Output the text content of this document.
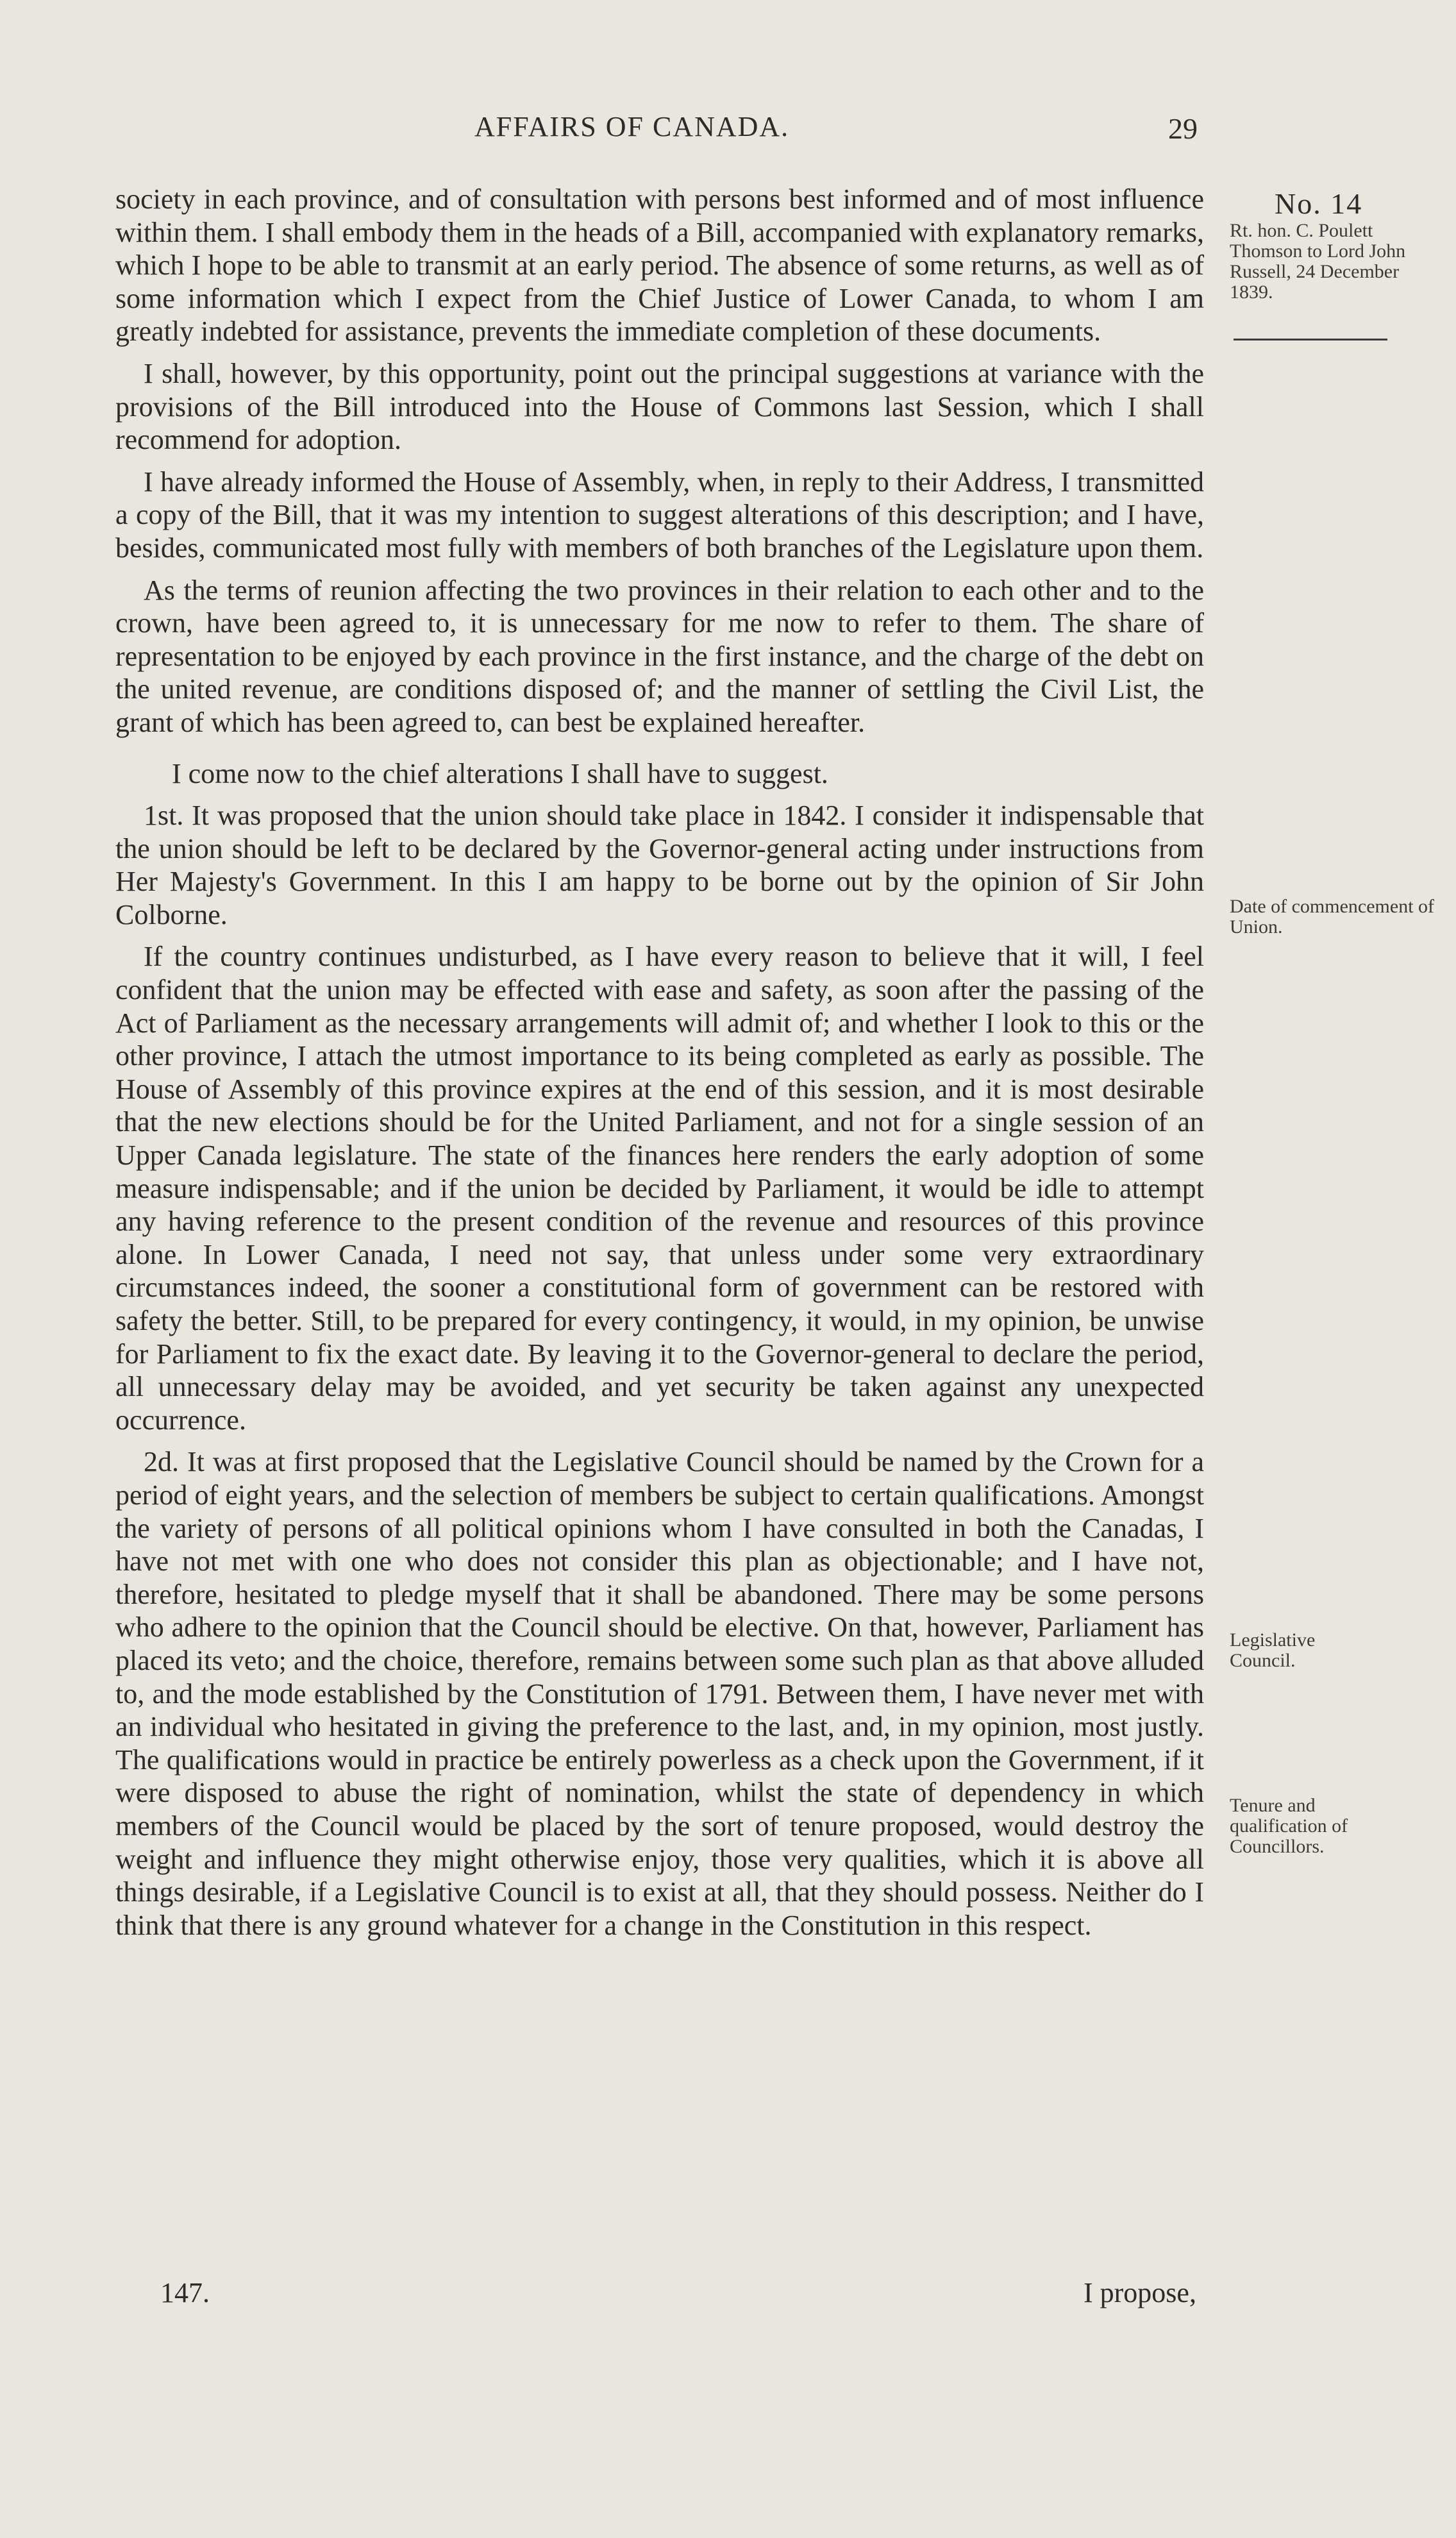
AFFAIRS OF CANADA.	29
No. 14
Rt. hon. C. Poulett Thomson to Lord John Russell, 24 December 1839.
Date of commencement of Union.
Legislative Council.
Tenure and qualification of Councillors.

society in each province, and of consultation with persons best informed and of most influence within them. I shall embody them in the heads of a Bill, accompanied with explanatory remarks, which I hope to be able to transmit at an early period. The absence of some returns, as well as of some information which I expect from the Chief Justice of Lower Canada, to whom I am greatly indebted for assistance, prevents the immediate completion of these documents.

I shall, however, by this opportunity, point out the principal suggestions at variance with the provisions of the Bill introduced into the House of Commons last Session, which I shall recommend for adoption.

I have already informed the House of Assembly, when, in reply to their Address, I transmitted a copy of the Bill, that it was my intention to suggest alterations of this description; and I have, besides, communicated most fully with members of both branches of the Legislature upon them.

As the terms of reunion affecting the two provinces in their relation to each other and to the crown, have been agreed to, it is unnecessary for me now to refer to them. The share of representation to be enjoyed by each province in the first instance, and the charge of the debt on the united revenue, are conditions disposed of; and the manner of settling the Civil List, the grant of which has been agreed to, can best be explained hereafter.

I come now to the chief alterations I shall have to suggest.

1st. It was proposed that the union should take place in 1842. I consider it indispensable that the union should be left to be declared by the Governor-general acting under instructions from Her Majesty's Government. In this I am happy to be borne out by the opinion of Sir John Colborne.

If the country continues undisturbed, as I have every reason to believe that it will, I feel confident that the union may be effected with ease and safety, as soon after the passing of the Act of Parliament as the necessary arrangements will admit of; and whether I look to this or the other province, I attach the utmost importance to its being completed as early as possible. The House of Assembly of this province expires at the end of this session, and it is most desirable that the new elections should be for the United Parliament, and not for a single session of an Upper Canada legislature. The state of the finances here renders the early adoption of some measure indispensable; and if the union be decided by Parliament, it would be idle to attempt any having reference to the present condition of the revenue and resources of this province alone. In Lower Canada, I need not say, that unless under some very extraordinary circumstances indeed, the sooner a constitutional form of government can be restored with safety the better. Still, to be prepared for every contingency, it would, in my opinion, be unwise for Parliament to fix the exact date. By leaving it to the Governor-general to declare the period, all unnecessary delay may be avoided, and yet security be taken against any unexpected occurrence.

2d. It was at first proposed that the Legislative Council should be named by the Crown for a period of eight years, and the selection of members be subject to certain qualifications. Amongst the variety of persons of all political opinions whom I have consulted in both the Canadas, I have not met with one who does not consider this plan as objectionable; and I have not, therefore, hesitated to pledge myself that it shall be abandoned. There may be some persons who adhere to the opinion that the Council should be elective. On that, however, Parliament has placed its veto; and the choice, therefore, remains between some such plan as that above alluded to, and the mode established by the Constitution of 1791. Between them, I have never met with an individual who hesitated in giving the preference to the last, and, in my opinion, most justly. The qualifications would in practice be entirely powerless as a check upon the Government, if it were disposed to abuse the right of nomination, whilst the state of dependency in which members of the Council would be placed by the sort of tenure proposed, would destroy the weight and influence they might otherwise enjoy, those very qualities, which it is above all things desirable, if a Legislative Council is to exist at all, that they should possess. Neither do I think that there is any ground whatever for a change in the Constitution in this respect.

147.	I propose,
